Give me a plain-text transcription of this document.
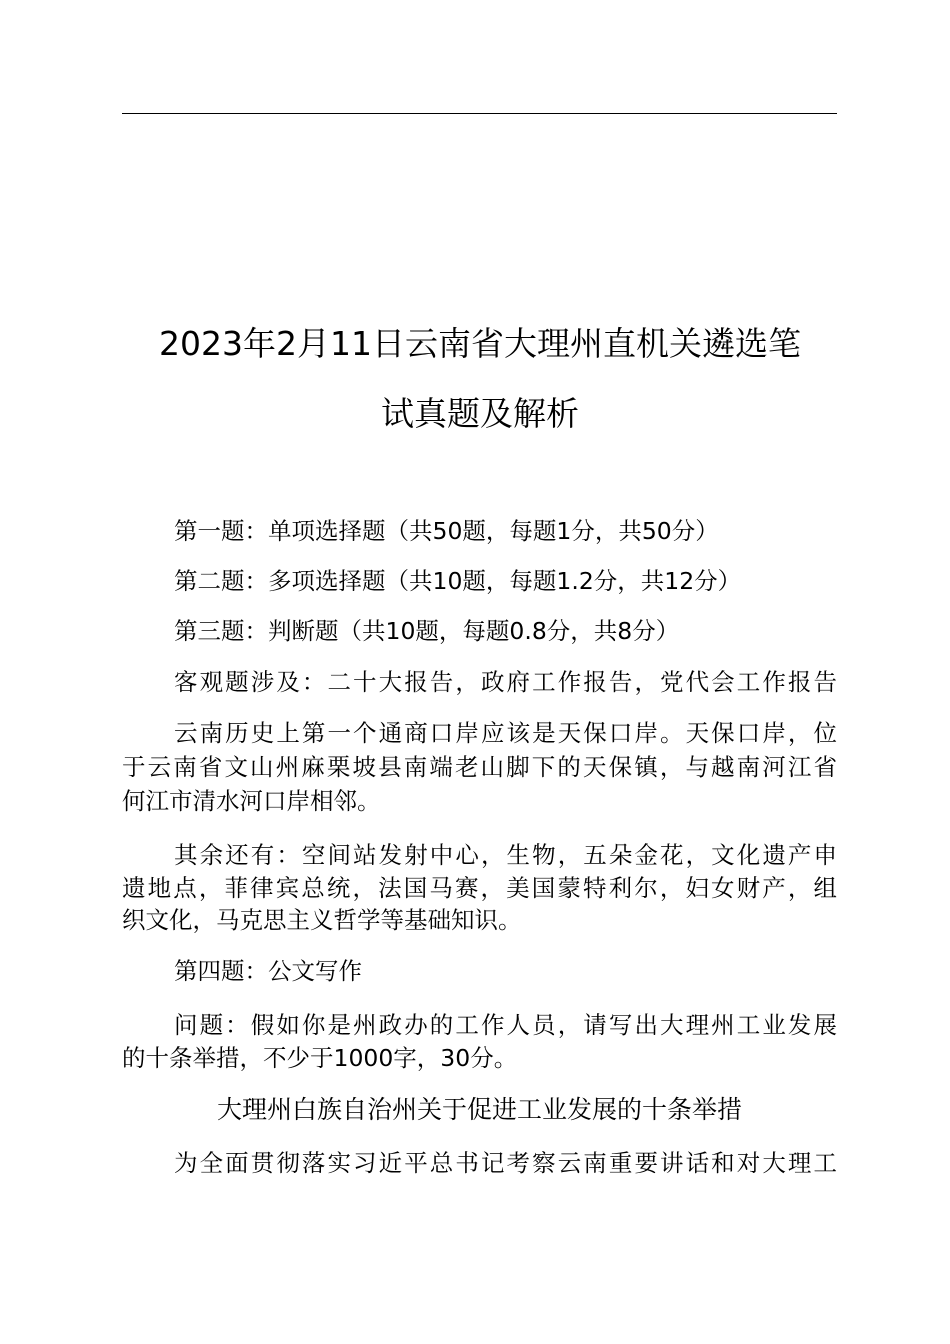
2023年2月11日云南省大理州直机关遴选笔
试真题及解析
第一题：单项选择题（共50题，每题1分，共50分）
第二题：多项选择题（共10题，每题1.2分，共12分）
第三题：判断题（共10题，每题0.8分，共8分）
客观题涉及：二十大报告，政府工作报告，党代会工作报告
云南历史上第一个通商口岸应该是天保口岸。天保口岸，位
于云南省文山州麻栗坡县南端老山脚下的天保镇，与越南河江省
何江市清水河口岸相邻。
其余还有：空间站发射中心，生物，五朵金花，文化遗产申
遗地点，菲律宾总统，法国马赛，美国蒙特利尔，妇女财产，组
织文化，马克思主义哲学等基础知识。
第四题：公文写作
问题：假如你是州政办的工作人员，请写出大理州工业发展
的十条举措，不少于1000字，30分。
大理州白族自治州关于促进工业发展的十条举措
为全面贯彻落实习近平总书记考察云南重要讲话和对大理工
